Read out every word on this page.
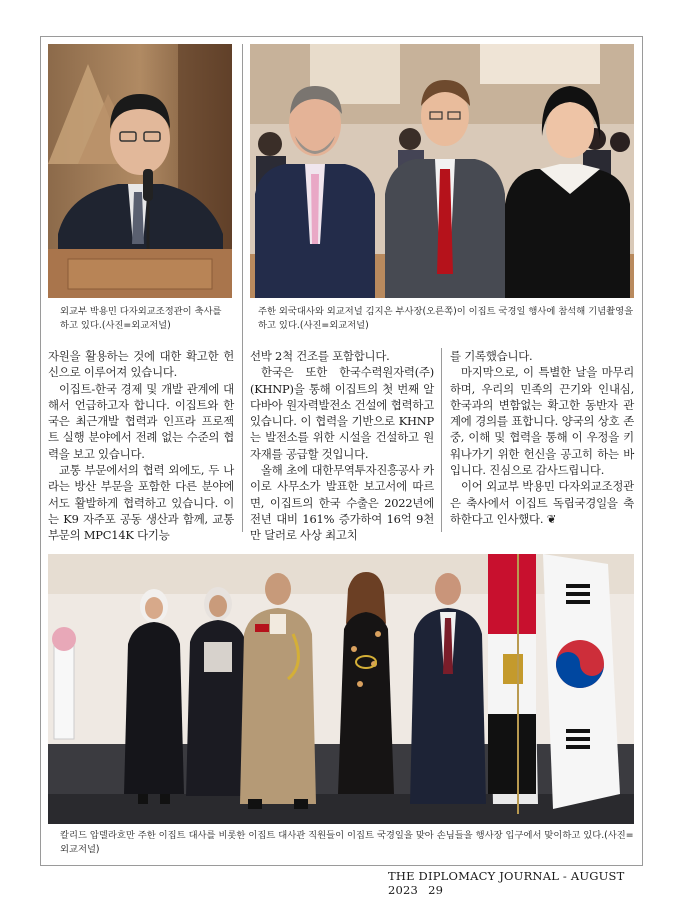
외교부 박용민 다자외교조정관이 축사를 하고 있다.(사진=외교저널)
주한 외국대사와 외교저널 김지은 부사장(오른쪽)이 이집트 국경일 행사에 참석해 기념촬영을 하고 있다.(사진=외교저널)

자원을 활용하는 것에 대한 확고한 헌신으로 이루어져 있습니다.

이집트-한국 경제 및 개발 관계에 대해서 언급하고자 합니다. 이집트와 한국은 최근개발 협력과 인프라 프로젝트 실행 분야에서 전례 없는 수준의 협력을 보고 있습니다.

교통 부문에서의 협력 외에도, 두 나라는 방산 부문을 포함한 다른 분야에서도 활발하게 협력하고 있습니다. 이는 K9 자주포 공동 생산과 함께, 교통 부문의 MPC14K 다기능

선박 2척 건조를 포함합니다.

한국은 또한 한국수력원자력(주)(KHNP)을 통해 이집트의 첫 번째 알 다바아 원자력발전소 건설에 협력하고 있습니다. 이 협력을 기반으로 KHNP는 발전소를 위한 시설을 건설하고 원자재를 공급할 것입니다.

올해 초에 대한무역투자진흥공사 카이로 사무소가 발표한 보고서에 따르면, 이집트의 한국 수출은 2022년에 전년 대비 161% 증가하여 16억 9천만 달러로 사상 최고치

를 기록했습니다.

마지막으로, 이 특별한 날을 마무리하며, 우리의 민족의 끈기와 인내심, 한국과의 변함없는 확고한 동반자 관계에 경의를 표합니다. 양국의 상호 존중, 이해 및 협력을 통해 이 우정을 키워나가기 위한 헌신을 공고히 하는 바입니다. 진심으로 감사드립니다.

이어 외교부 박용민 다자외교조정관은 축사에서 이집트 독립국경일을 축하한다고 인사했다. ❦

칼리드 압델라흐만 주한 이집트 대사를 비롯한 이집트 대사관 직원들이 이집트 국경일을 맞아 손님들을 행사장 입구에서 맞이하고 있다.(사진=외교저널)
THE DIPLOMACY JOURNAL - AUGUST 2023 29
